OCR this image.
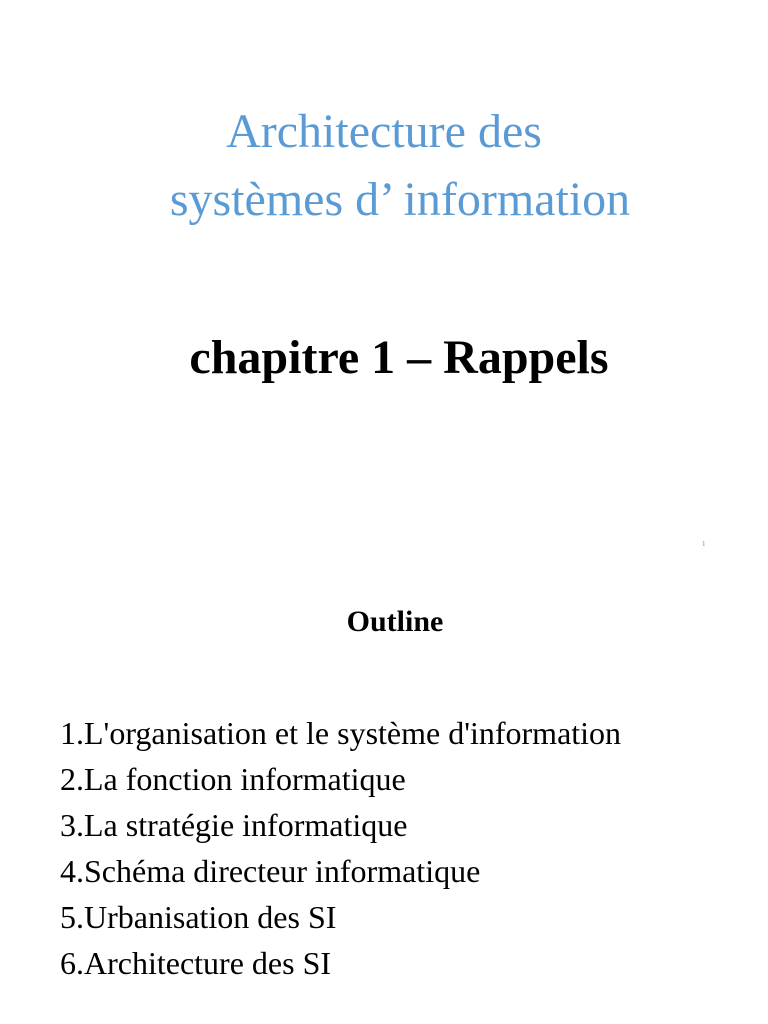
Architecture des
systèmes d’ information
chapitre 1 – Rappels
1
Outline
1.L'organisation et le système d'information
2.La fonction informatique
3.La stratégie informatique
4.Schéma directeur informatique
5.Urbanisation des SI
6.Architecture des SI
